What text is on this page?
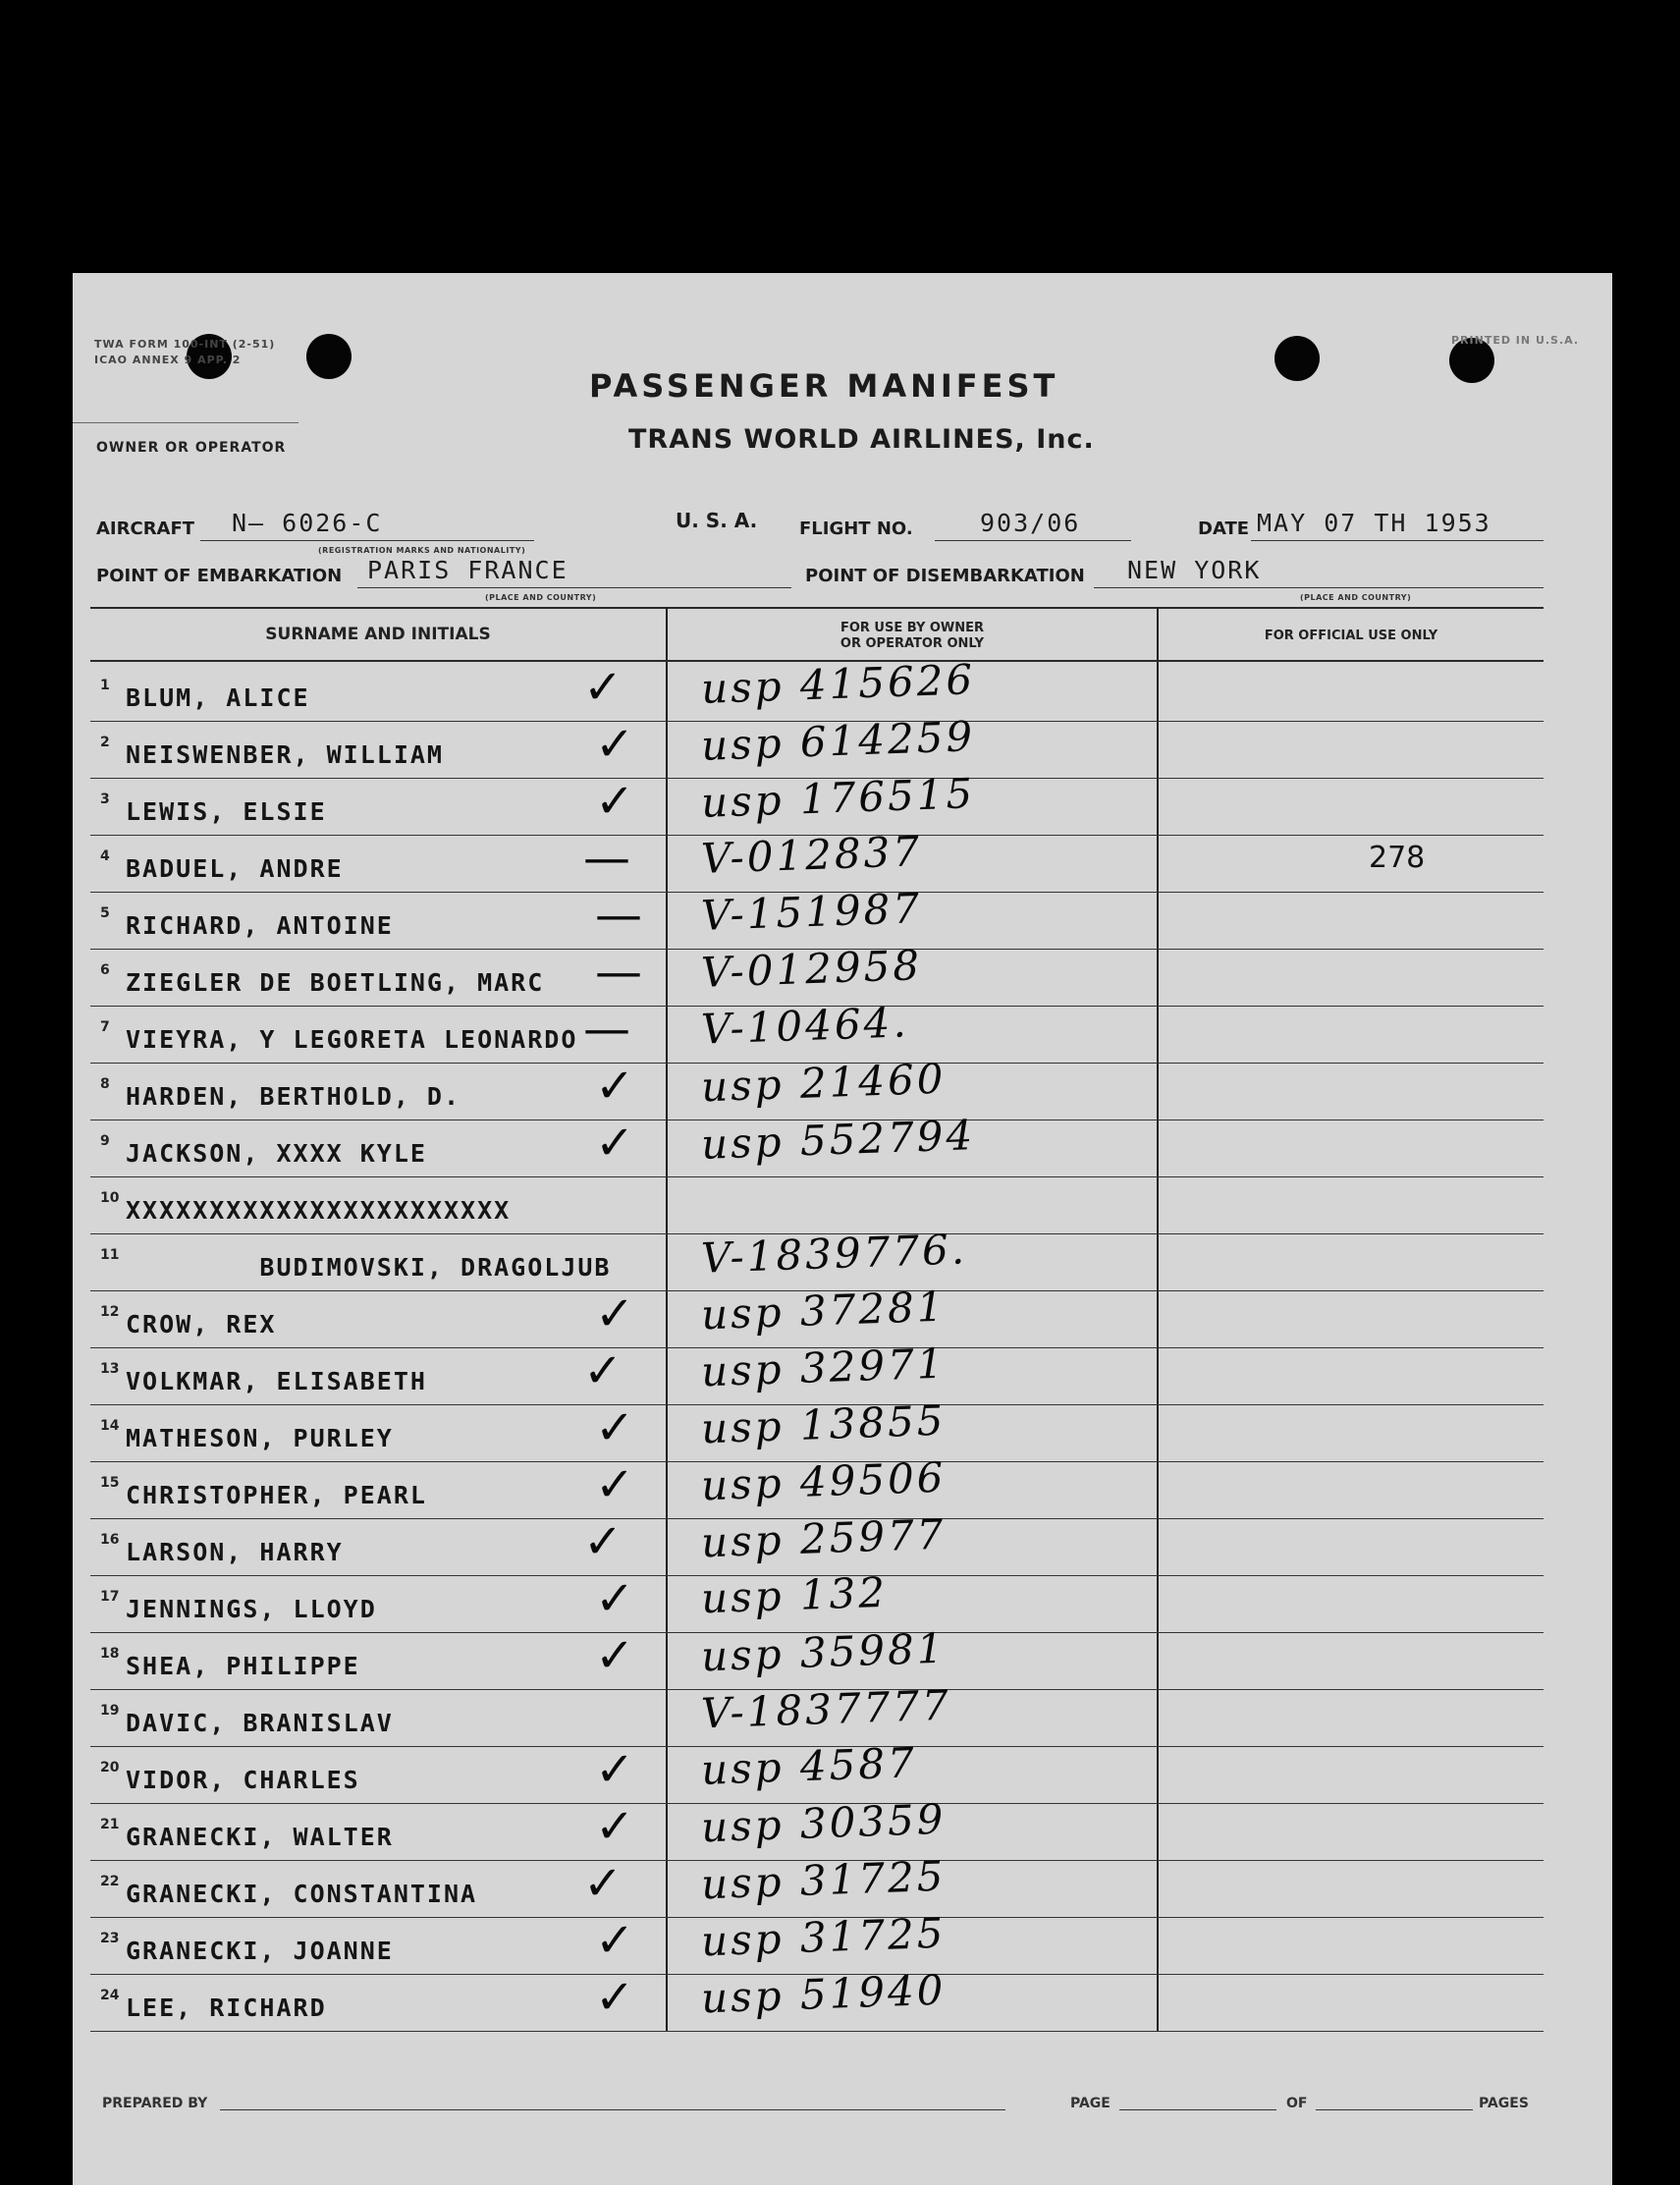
TWA FORM 100-INT (2-51)
ICAO ANNEX 9 APP. 2
PRINTED IN U.S.A.
OWNER OR OPERATOR
PASSENGER MANIFEST
TRANS WORLD AIRLINES, Inc.
AIRCRAFT N— 6026-C
(REGISTRATION MARKS AND NATIONALITY)
U. S. A. FLIGHT NO.	903/06	DATE MAY 07 TH 1953
POINT OF EMBARKATION PARIS FRANCE
(PLACE AND COUNTRY)
POINT OF DISEMBARKATION NEW YORK
(PLACE AND COUNTRY)
SURNAME AND INITIALS	FOR USE BY OWNER
OR OPERATOR ONLY
FOR OFFICIAL USE ONLY
1 BLUM, ALICE	✓ usp 415626
2 NEISWENBER, WILLIAM	✓ usp 614259
3 LEWIS, ELSIE	✓ usp 176515
4 BADUEL, ANDRE	— V-012837	278
5 RICHARD, ANTOINE	— V-151987
6 ZIEGLER DE BOETLING, MARC — V-012958
7 VIEYRA, Y LEGORETA LEONARDO — V-10464.
8 HARDEN, BERTHOLD, D.	✓ usp 21460
9 JACKSON, XXXX KYLE	✓ usp 552794
10 XXXXXXXXXXXXXXXXXXXXXXX
11 BUDIMOVSKI, DRAGOLJUB V-1839776.
12 CROW, REX	✓ usp 37281
13 VOLKMAR, ELISABETH	✓ usp 32971
14 MATHESON, PURLEY	✓ usp 13855
15 CHRISTOPHER, PEARL	✓ usp 49506
16 LARSON, HARRY	✓ usp 25977
17 JENNINGS, LLOYD	✓ usp 132
18 SHEA, PHILIPPE	✓ usp 35981
19 DAVIC, BRANISLAV	V-1837777
20 VIDOR, CHARLES	✓ usp 4587
21 GRANECKI, WALTER	✓ usp 30359
22 GRANECKI, CONSTANTINA ✓ usp 31725
23 GRANECKI, JOANNE	✓ usp 31725
24 LEE, RICHARD	✓ usp 51940
PREPARED BY	PAGE	OF	PAGES
